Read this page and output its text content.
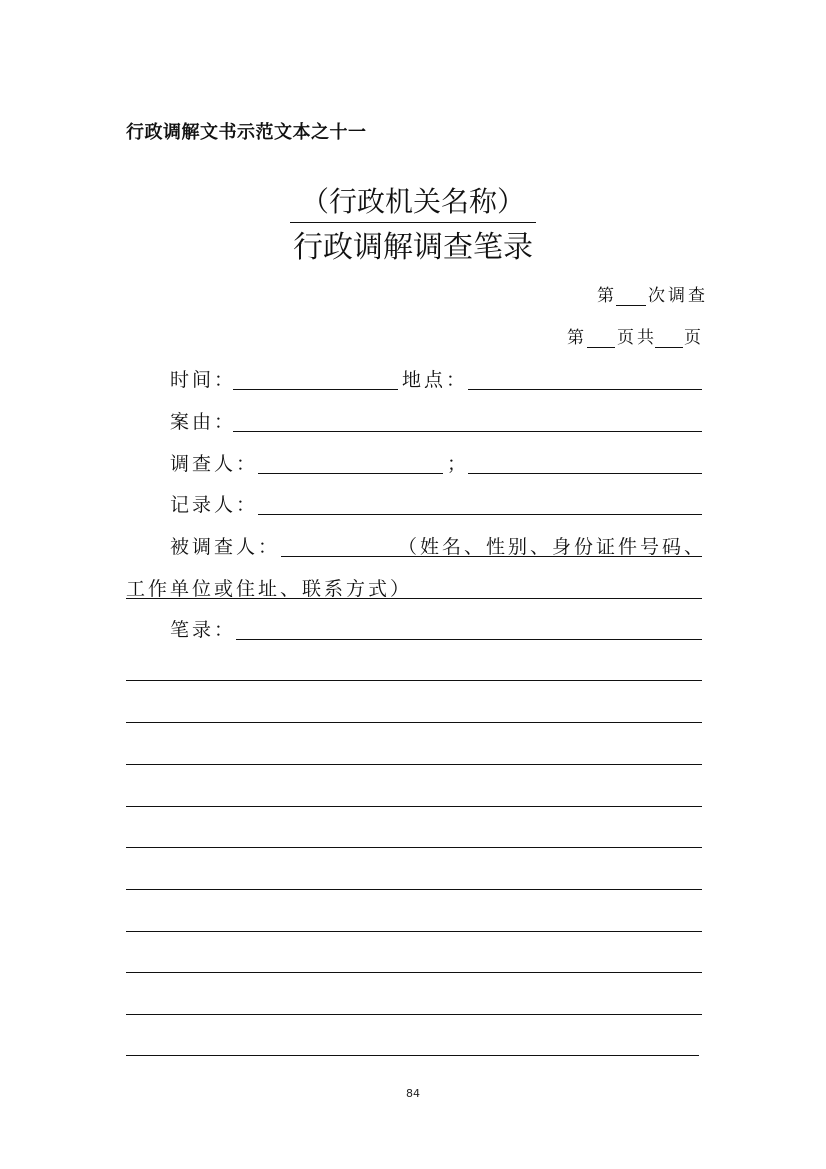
行政调解文书示范文本之十一
（行政机关名称）
行政调解调查笔录
第 次调查
第 页共 页
时间：	地点：
案由：
调查人：	；
记录人：
被调查人：	（姓名、性别、身份证件号码、
工作单位或住址、联系方式）
笔录：
84
